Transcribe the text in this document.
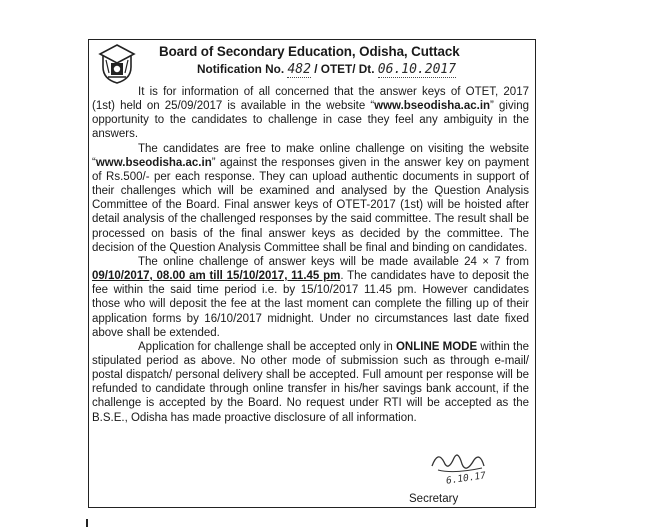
Board of Secondary Education, Odisha, Cuttack
Notification No. 482 / OTET/ Dt. 06.10.2017

It is for information of all concerned that the answer keys of OTET, 2017 (1st) held on 25/09/2017 is available in the website “www.bseodisha.ac.in” giving opportunity to the candidates to challenge in case they feel any ambiguity in the answers.

The candidates are free to make online challenge on visiting the website “www.bseodisha.ac.in” against the responses given in the answer key on payment of Rs.500/- per each response. They can upload authentic documents in support of their challenges which will be examined and analysed by the Question Analysis Committee of the Board. Final answer keys of OTET-2017 (1st) will be hoisted after detail analysis of the challenged responses by the said committee. The result shall be processed on basis of the final answer keys as decided by the committee. The decision of the Question Analysis Committee shall be final and binding on candidates.

The online challenge of answer keys will be made available 24 × 7 from 09/10/2017, 08.00 am till 15/10/2017, 11.45 pm. The candidates have to deposit the fee within the said time period i.e. by 15/10/2017 11.45 pm. However candidates those who will deposit the fee at the last moment can complete the filling up of their application forms by 16/10/2017 midnight. Under no circumstances last date fixed above shall be extended.

Application for challenge shall be accepted only in ONLINE MODE within the stipulated period as above. No other mode of submission such as through e-mail/ postal dispatch/ personal delivery shall be accepted. Full amount per response will be refunded to candidate through online transfer in his/her savings bank account, if the challenge is accepted by the Board. No request under RTI will be accepted as the B.S.E., Odisha has made proactive disclosure of all information.

6.10.17
Secretary
